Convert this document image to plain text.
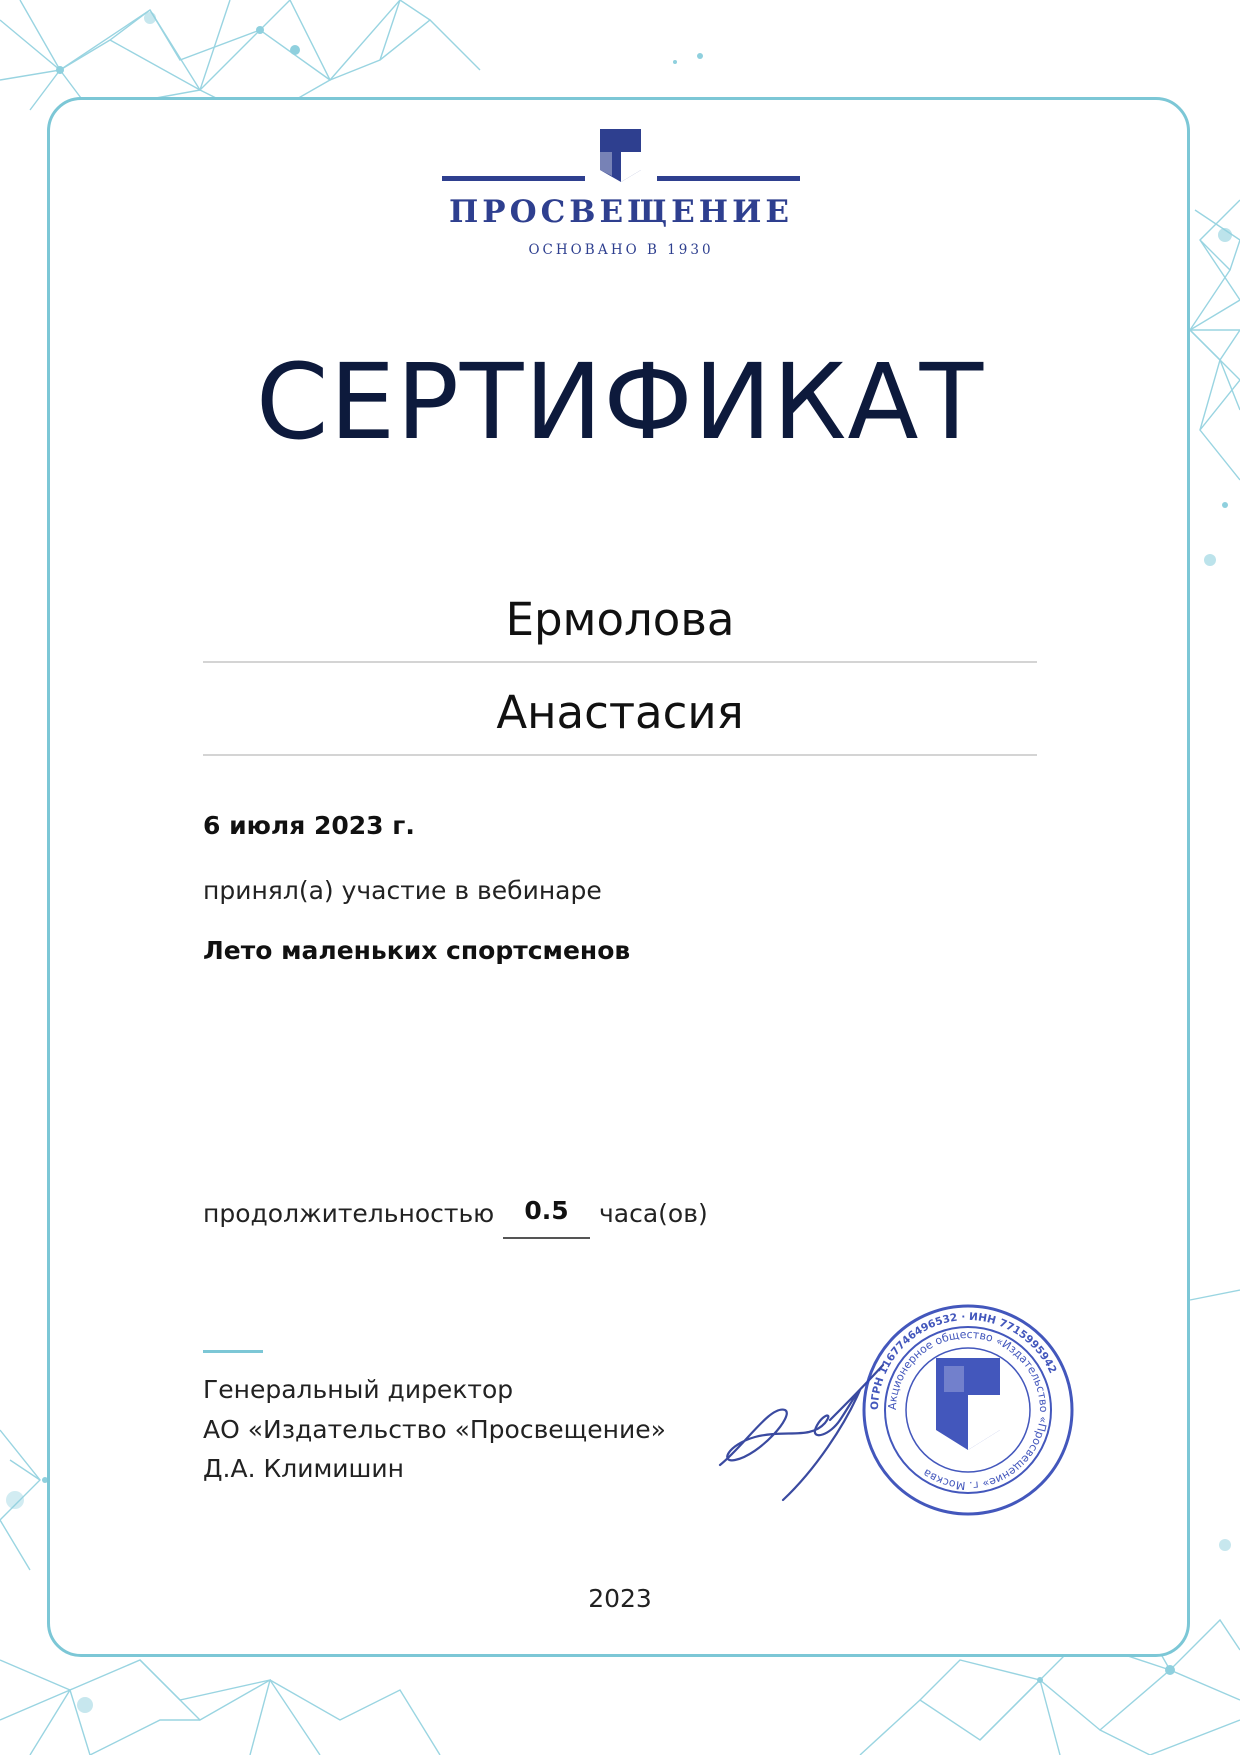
ПРОСВЕЩЕНИЕ
ОСНОВАНО В 1930
СЕРТИФИКАТ
Ермолова
Анастасия
6 июля 2023 г.
принял(а) участие в вебинаре
Лето маленьких спортсменов
продолжительностью	0.5	часа(ов)
Генеральный директор
АО «Издательство «Просвещение»
Д.А. Климишин
ОГРН 1167746496532 · ИНН 7715995942
Акционерное общество «Издательство «Просвещение» г. Москва
2023
